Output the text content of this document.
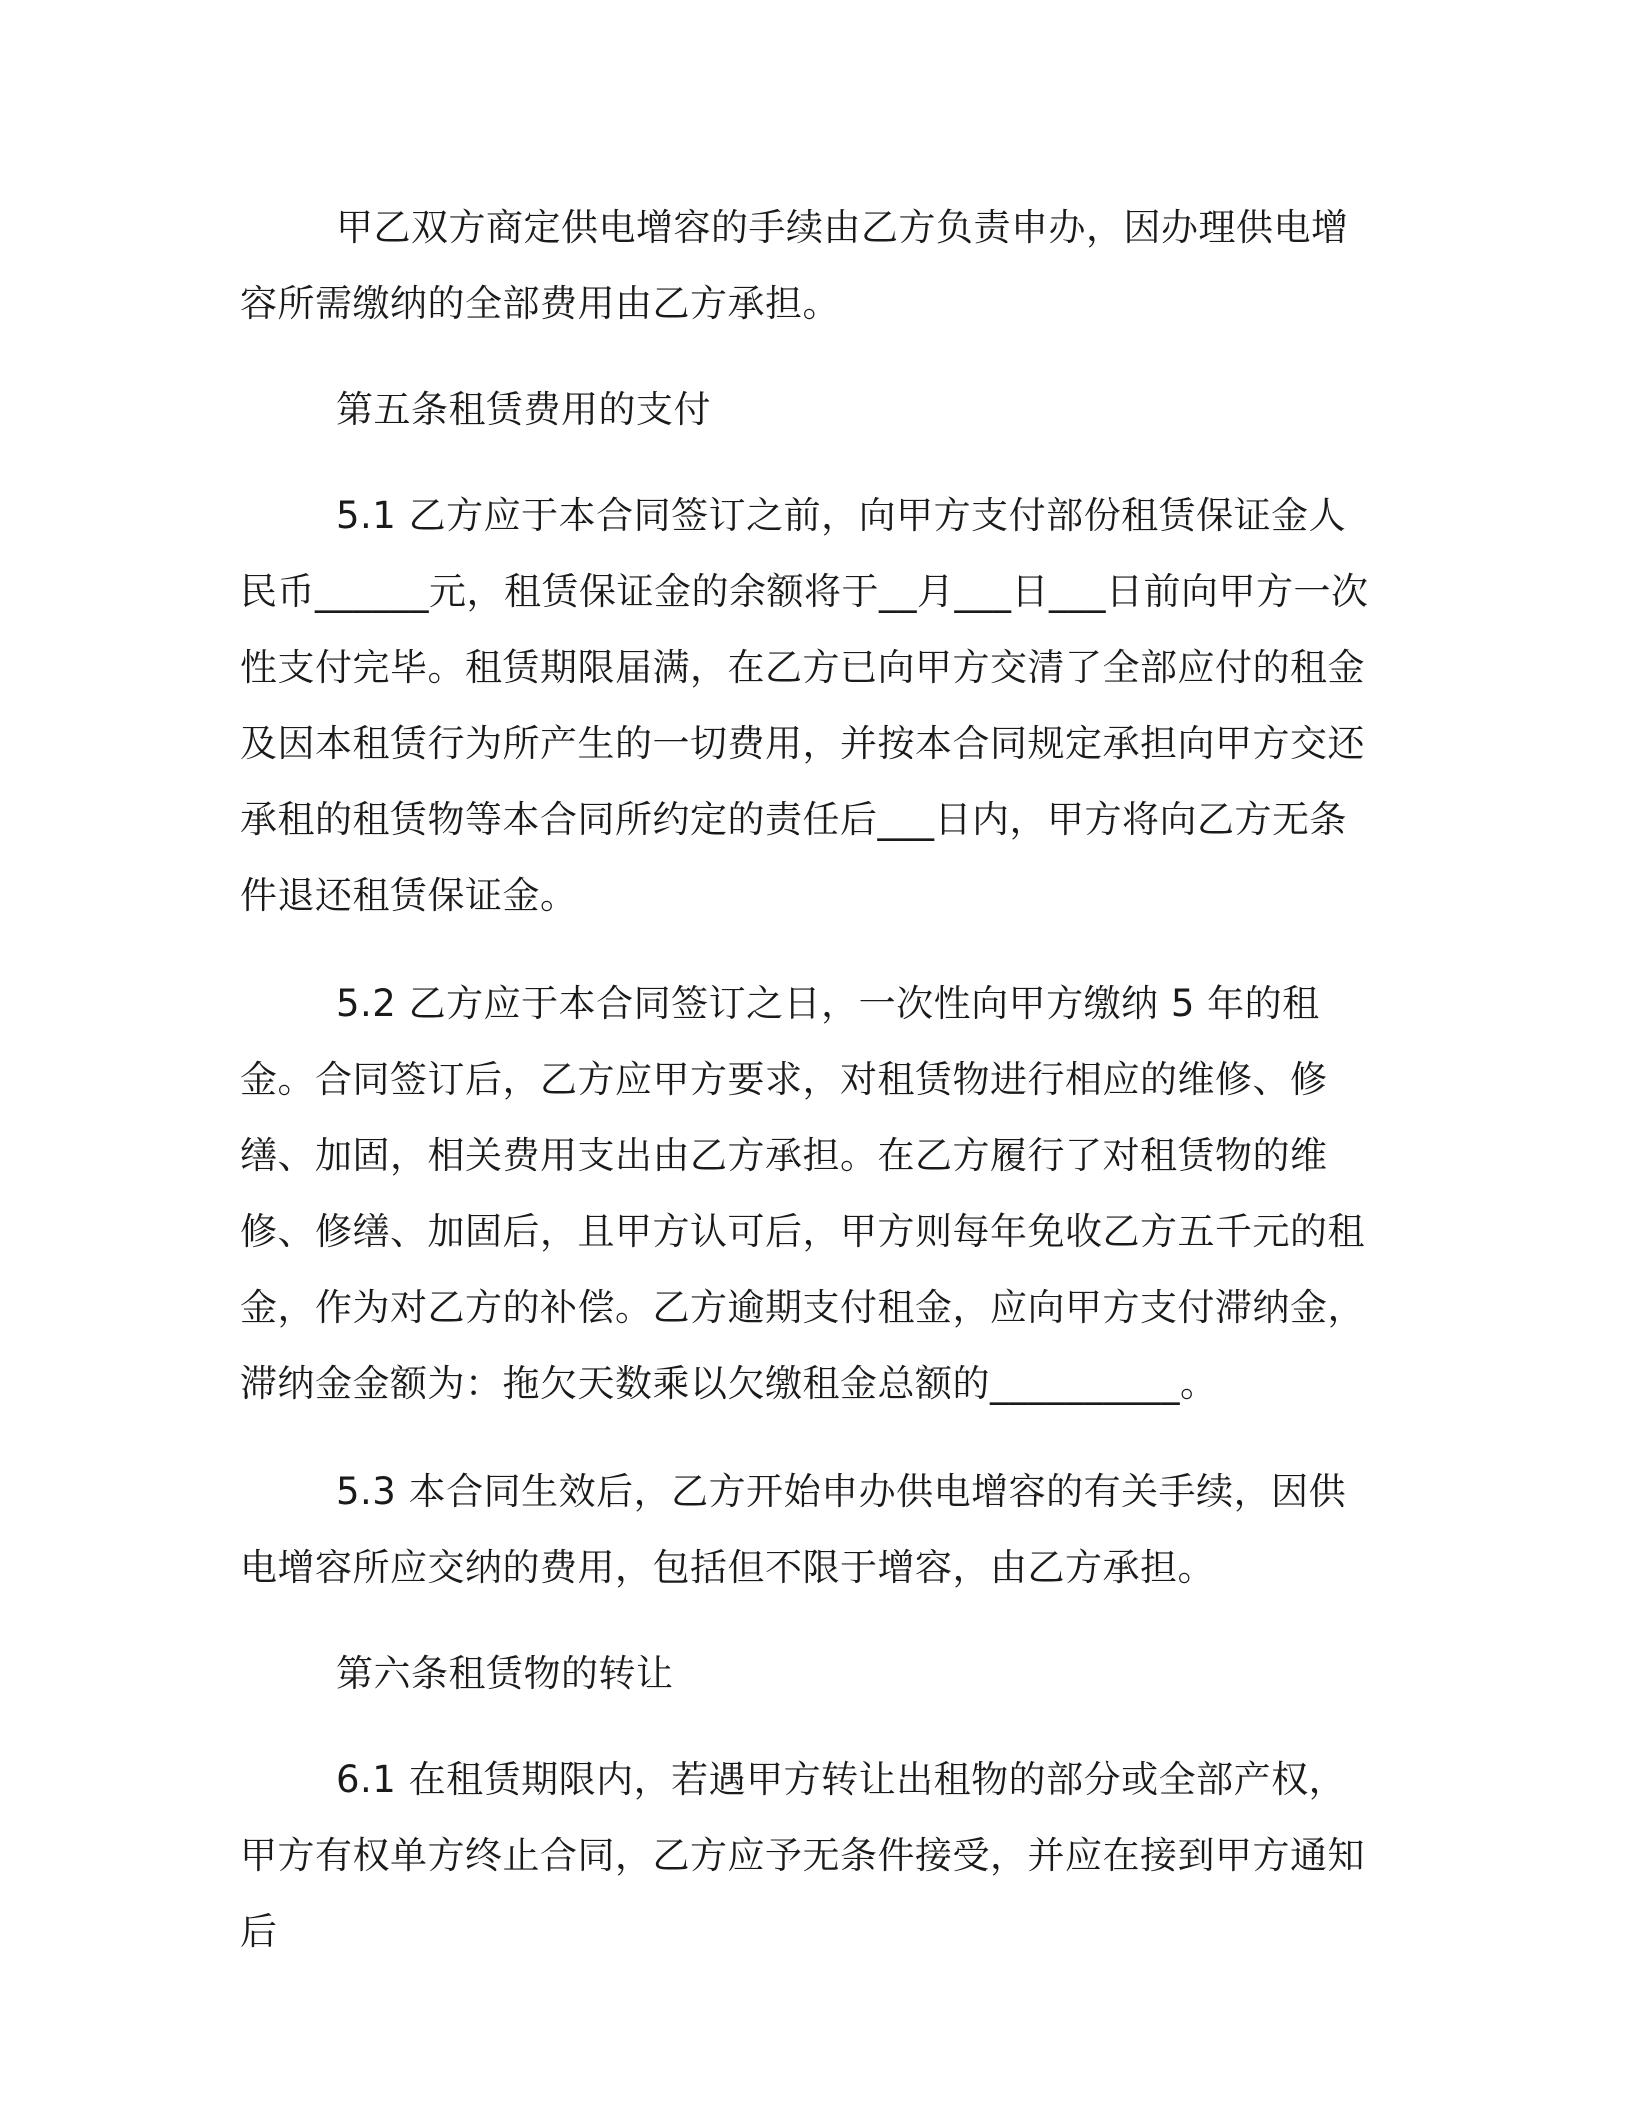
甲乙双方商定供电增容的手续由乙方负责申办，因办理供电增容所需缴纳的全部费用由乙方承担。

第五条租赁费用的支付

5.1 乙方应于本合同签订之前，向甲方支付部份租赁保证金人民币______元，租赁保证金的余额将于__月___日___日前向甲方一次性支付完毕。租赁期限届满，在乙方已向甲方交清了全部应付的租金及因本租赁行为所产生的一切费用，并按本合同规定承担向甲方交还承租的租赁物等本合同所约定的责任后___日内，甲方将向乙方无条件退还租赁保证金。

5.2 乙方应于本合同签订之日，一次性向甲方缴纳 5 年的租金。合同签订后，乙方应甲方要求，对租赁物进行相应的维修、修缮、加固，相关费用支出由乙方承担。在乙方履行了对租赁物的维修、修缮、加固后，且甲方认可后，甲方则每年免收乙方五千元的租金，作为对乙方的补偿。乙方逾期支付租金，应向甲方支付滞纳金，滞纳金金额为：拖欠天数乘以欠缴租金总额的__________。

5.3 本合同生效后，乙方开始申办供电增容的有关手续，因供电增容所应交纳的费用，包括但不限于增容，由乙方承担。

第六条租赁物的转让

6.1 在租赁期限内，若遇甲方转让出租物的部分或全部产权，甲方有权单方终止合同，乙方应予无条件接受，并应在接到甲方通知后
